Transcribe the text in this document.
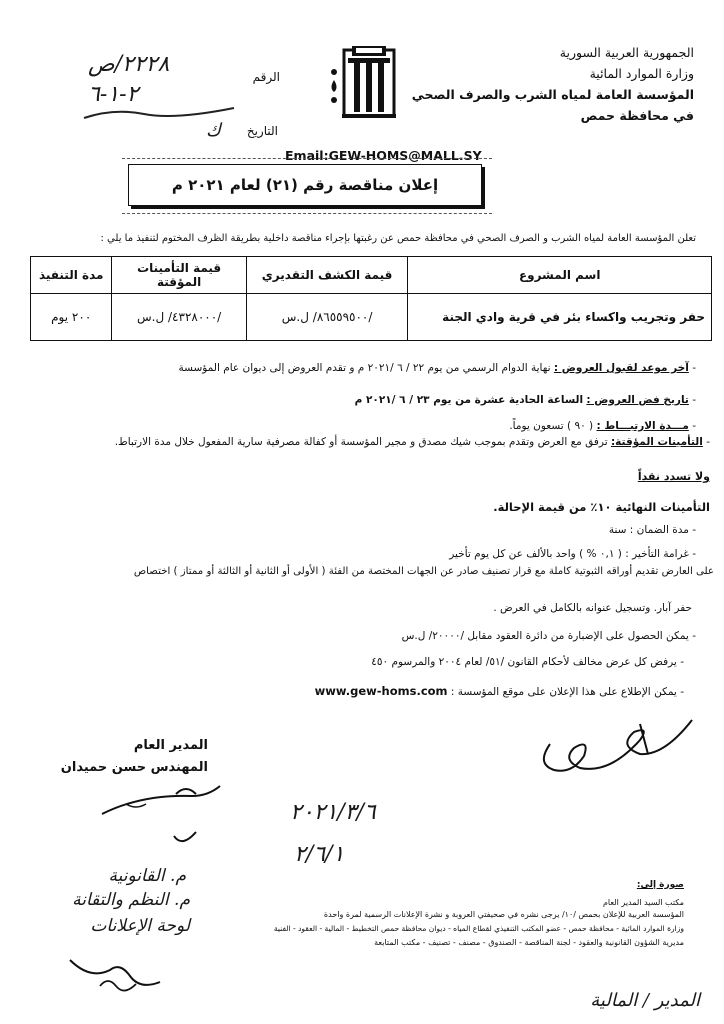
الجمهورية العربية السورية
وزارة الموارد المائية
المؤسسة العامة لمياه الشرب والصرف الصحي
في محافظة حمص
الرقم
٢٢٢٨/ص
٢-١-٦
التاريخ
ك
Email:GEW-HOMS@MALL.SY
إعلان مناقصة رقم (٢١) لعام ٢٠٢١ م
تعلن المؤسسة العامة لمياه الشرب و الصرف الصحي في محافظة حمص عن رغبتها بإجراء مناقصة داخلية بطريقة الظرف المختوم لتنفيذ ما يلي :
اسم المشروع	قيمة الكشف التقديري	قيمة التأمينات المؤقتة	مدة التنفيذ
حفر وتجريب واكساء بئر في قرية وادي الجنة	/٨٦٥٥٩٥٠٠/ ل.س	/٤٣٢٨٠٠٠/ ل.س	٢٠٠ يوم
- آخر موعد لقبول العروض : نهاية الدوام الرسمي من يوم ٢٢ / ٦ /٢٠٢١ م و تقدم العروض إلى ديوان عام المؤسسة
- تاريخ فض العروض : الساعة الحادية عشرة من يوم ٢٣ / ٦ /٢٠٢١ م
- مـــدة الارتبـــاط : ( ٩٠ ) تسعون يوماً.
- التأمينات المؤقتة: ترفق مع العرض وتقدم بموجب شيك مصدق و مجير المؤسسة أو كفالة مصرفية سارية المفعول خلال مدة الارتباط.
ولا تسدد نقداً
التأمينات النهائية ١٠٪ من قيمة الإحالة.
- مدة الضمان : سنة
- غرامة التأخير : ( ٠,١ % ) واحد بالألف عن كل يوم تأخير
على العارض تقديم أوراقه الثبوتية كاملة مع قرار تصنيف صادر عن الجهات المختصة من الفئة ( الأولى أو الثانية أو الثالثة أو ممتاز ) اختصاص
حفر آبار. وتسجيل عنوانه بالكامل في العرض .
- يمكن الحصول على الإضبارة من دائرة العقود مقابل /٢٠٠٠٠/ ل.س
- يرفض كل عرض مخالف لأحكام القانون /٥١/ لعام ٢٠٠٤ والمرسوم ٤٥٠
- يمكن الإطلاع على هذا الإعلان على موقع المؤسسة : www.gew-homs.com
المدير العام
المهندس حسن حميدان
٢٠٢١/٣/٦
٢/٦/١
م. القانونية
م. النظم والتقانة
لوحة الإعلانات
المدير / المالية
صورة إلى:
مكتب السيد المدير العام
المؤسسة العربية للإعلان بحمص /١٠/ يرجى نشره في صحيفتي العروبة و نشرة الإعلانات الرسمية لمرة واحدة
وزارة الموارد المائية - محافظة حمص - عضو المكتب التنفيذي لقطاع المياه - ديوان محافظة حمص التخطيط - المالية - العقود - الفنية
مديرية الشؤون القانونية والعقود - لجنة المناقصة - الصندوق - مصنف - تصنيف - مكتب المتابعة
